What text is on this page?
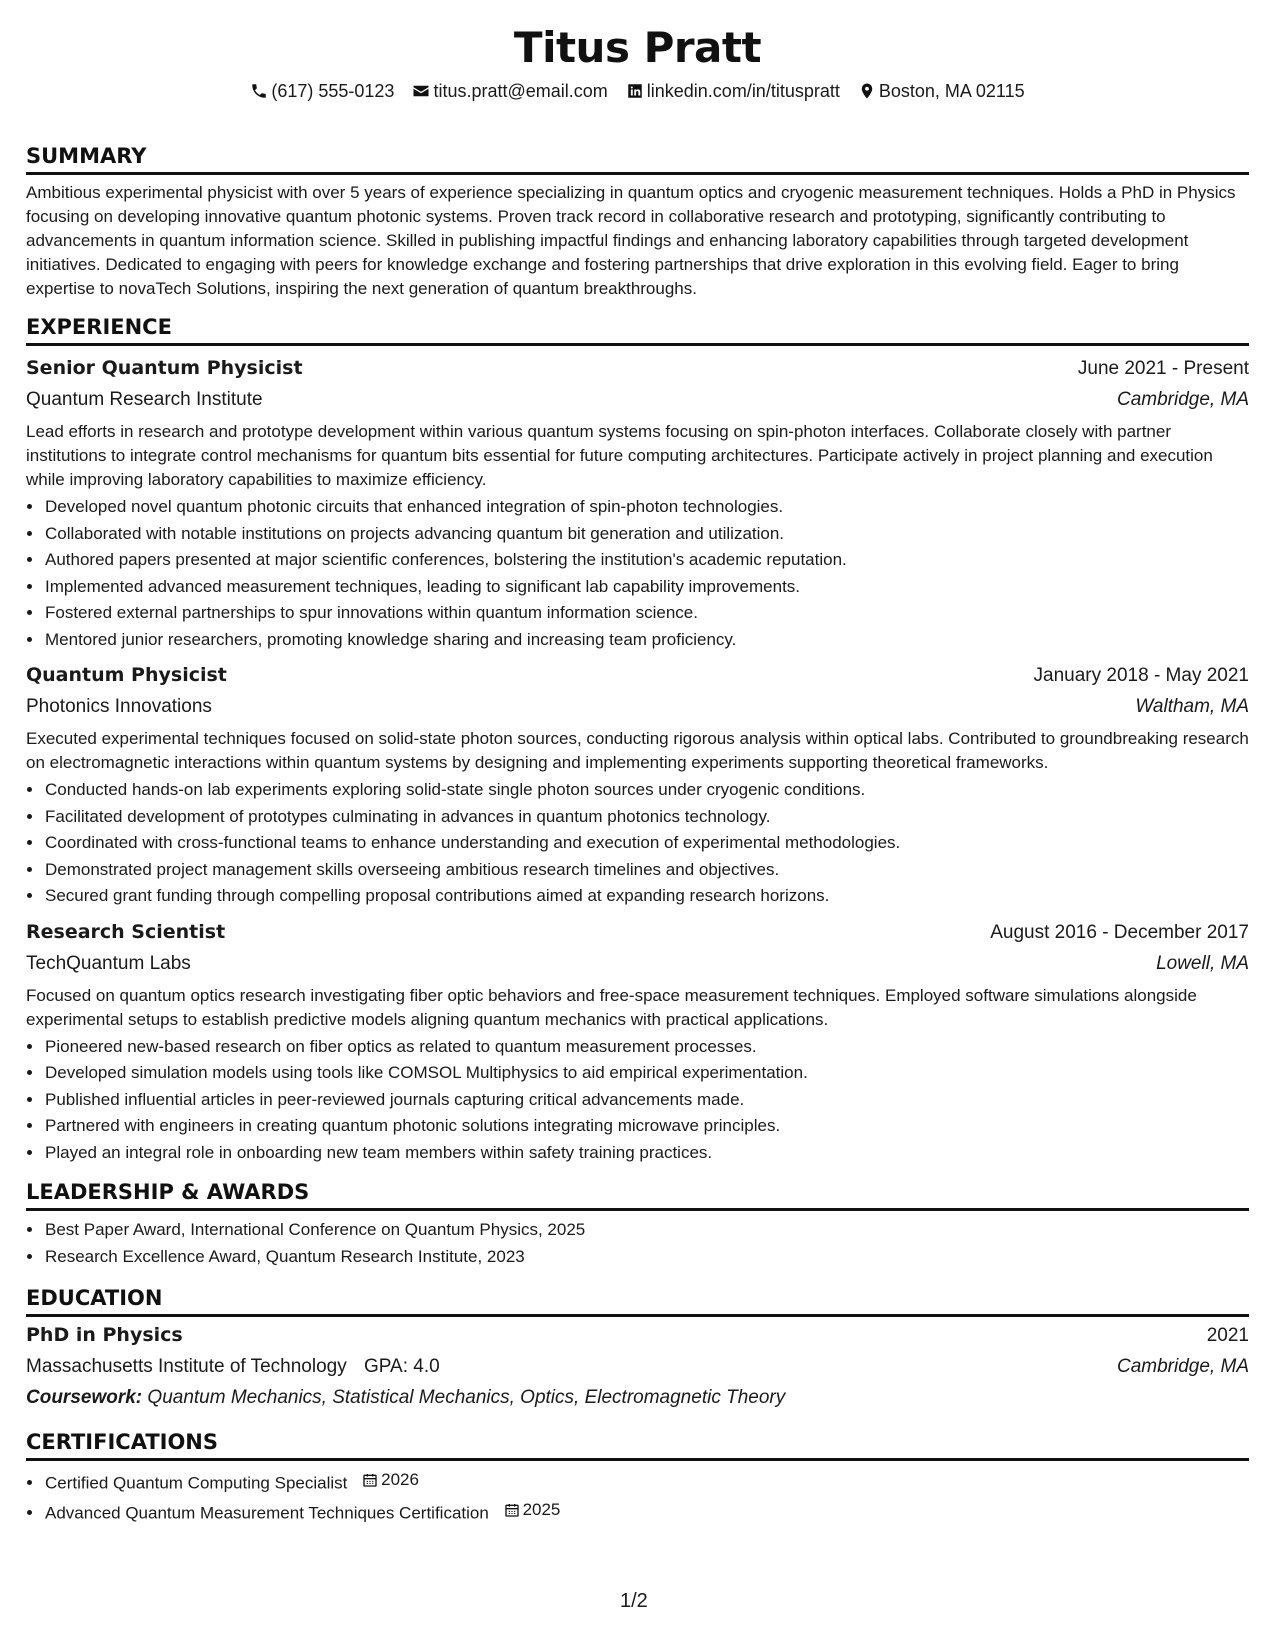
Titus Pratt
(617) 555-0123 titus.pratt@email.com linkedin.com/in/tituspratt Boston, MA 02115
SUMMARY

Ambitious experimental physicist with over 5 years of experience specializing in quantum optics and cryogenic measurement techniques. Holds a PhD in Physics focusing on developing innovative quantum photonic systems. Proven track record in collaborative research and prototyping, significantly contributing to advancements in quantum information science. Skilled in publishing impactful findings and enhancing laboratory capabilities through targeted development initiatives. Dedicated to engaging with peers for knowledge exchange and fostering partnerships that drive exploration in this evolving field. Eager to bring expertise to novaTech Solutions, inspiring the next generation of quantum breakthroughs.

EXPERIENCE
Senior Quantum Physicist	June 2021 - Present
Quantum Research Institute	Cambridge, MA

Lead efforts in research and prototype development within various quantum systems focusing on spin-photon interfaces. Collaborate closely with partner institutions to integrate control mechanisms for quantum bits essential for future computing architectures. Participate actively in project planning and execution while improving laboratory capabilities to maximize efficiency.

• Developed novel quantum photonic circuits that enhanced integration of spin-photon technologies.
• Collaborated with notable institutions on projects advancing quantum bit generation and utilization.
• Authored papers presented at major scientific conferences, bolstering the institution's academic reputation.
• Implemented advanced measurement techniques, leading to significant lab capability improvements.
• Fostered external partnerships to spur innovations within quantum information science.
• Mentored junior researchers, promoting knowledge sharing and increasing team proficiency.
Quantum Physicist	January 2018 - May 2021
Photonics Innovations	Waltham, MA

Executed experimental techniques focused on solid-state photon sources, conducting rigorous analysis within optical labs. Contributed to groundbreaking research on electromagnetic interactions within quantum systems by designing and implementing experiments supporting theoretical frameworks.

• Conducted hands-on lab experiments exploring solid-state single photon sources under cryogenic conditions.
• Facilitated development of prototypes culminating in advances in quantum photonics technology.
• Coordinated with cross-functional teams to enhance understanding and execution of experimental methodologies.
• Demonstrated project management skills overseeing ambitious research timelines and objectives.
• Secured grant funding through compelling proposal contributions aimed at expanding research horizons.
Research Scientist	August 2016 - December 2017
TechQuantum Labs	Lowell, MA

Focused on quantum optics research investigating fiber optic behaviors and free-space measurement techniques. Employed software simulations alongside experimental setups to establish predictive models aligning quantum mechanics with practical applications.

• Pioneered new-based research on fiber optics as related to quantum measurement processes.
• Developed simulation models using tools like COMSOL Multiphysics to aid empirical experimentation.
• Published influential articles in peer-reviewed journals capturing critical advancements made.
• Partnered with engineers in creating quantum photonic solutions integrating microwave principles.
• Played an integral role in onboarding new team members within safety training practices.
LEADERSHIP & AWARDS
• Best Paper Award, International Conference on Quantum Physics, 2025
• Research Excellence Award, Quantum Research Institute, 2023
EDUCATION
PhD in Physics	2021
Massachusetts Institute of Technology GPA: 4.0	Cambridge, MA
Coursework: Quantum Mechanics, Statistical Mechanics, Optics, Electromagnetic Theory
CERTIFICATIONS
• Certified Quantum Computing Specialist 2026
• Advanced Quantum Measurement Techniques Certification 2025
1/2
